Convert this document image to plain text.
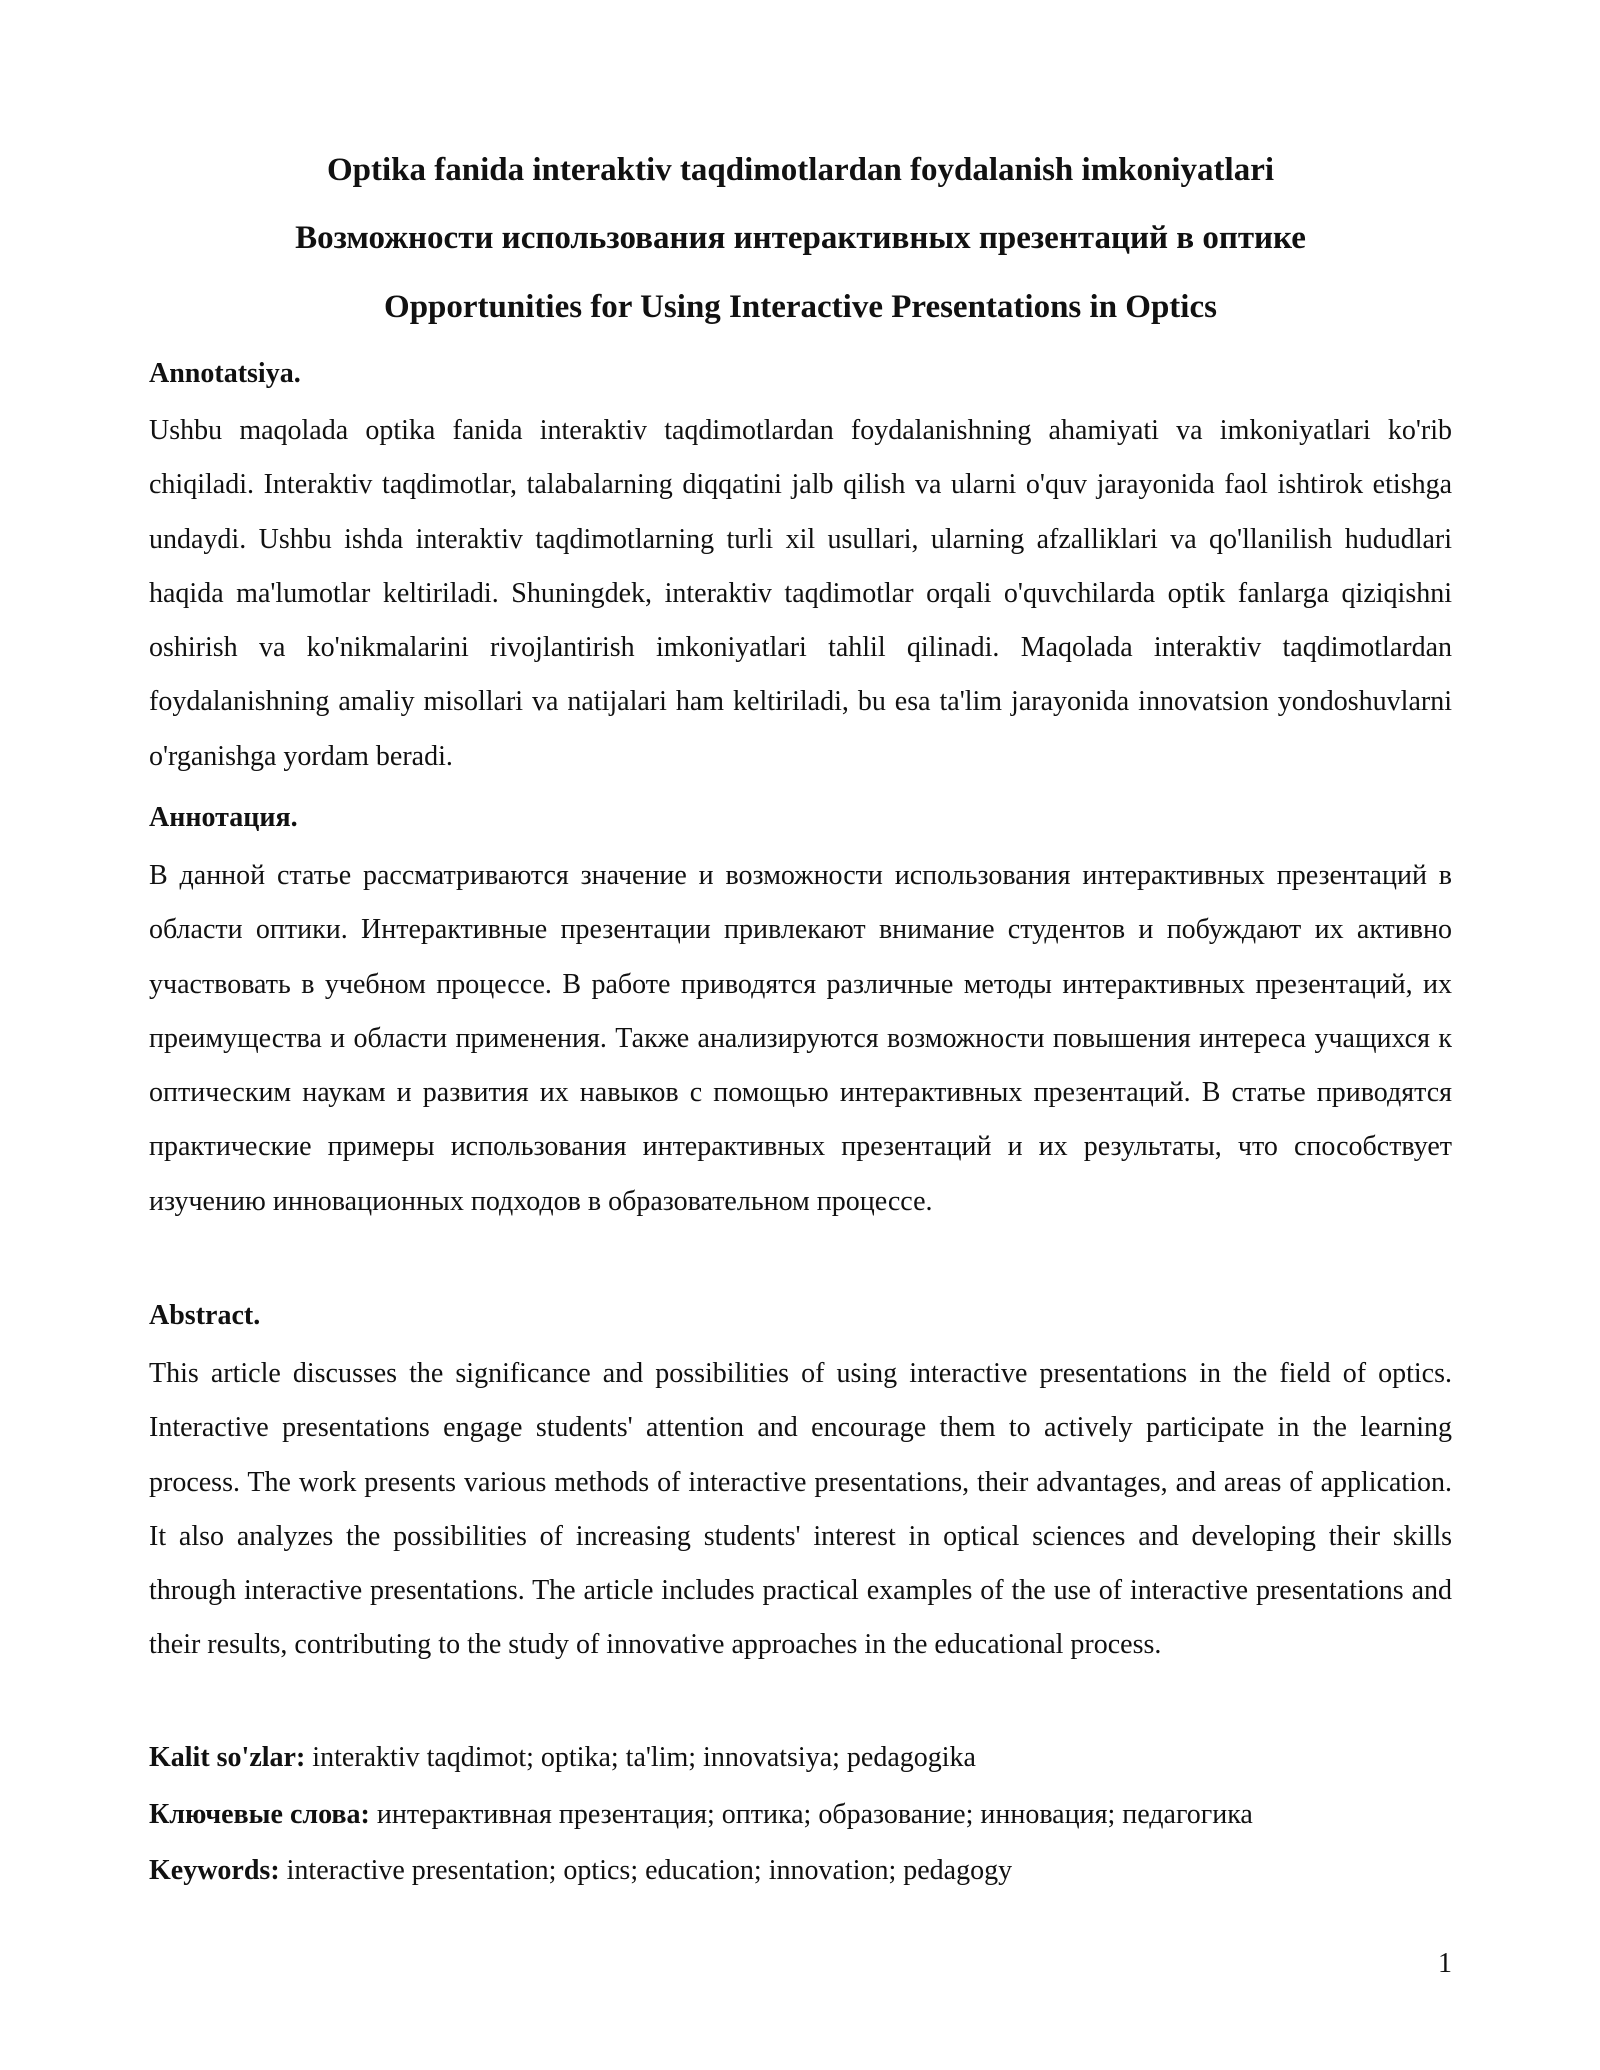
Optika fanida interaktiv taqdimotlardan foydalanish imkoniyatlari
Возможности использования интерактивных презентаций в оптике
Opportunities for Using Interactive Presentations in Optics
Annotatsiya.
Ushbu maqolada optika fanida interaktiv taqdimotlardan foydalanishning ahamiyati va imkoniyatlari ko'rib chiqiladi. Interaktiv taqdimotlar, talabalarning diqqatini jalb qilish va ularni o'quv jarayonida faol ishtirok etishga undaydi. Ushbu ishda interaktiv taqdimotlarning turli xil usullari, ularning afzalliklari va qo'llanilish hududlari haqida ma'lumotlar keltiriladi. Shuningdek, interaktiv taqdimotlar orqali o'quvchilarda optik fanlarga qiziqishni oshirish va ko'nikmalarini rivojlantirish imkoniyatlari tahlil qilinadi. Maqolada interaktiv taqdimotlardan foydalanishning amaliy misollari va natijalari ham keltiriladi, bu esa ta'lim jarayonida innovatsion yondoshuvlarni o'rganishga yordam beradi.
Аннотация.
В данной статье рассматриваются значение и возможности использования интерактивных презентаций в области оптики. Интерактивные презентации привлекают внимание студентов и побуждают их активно участвовать в учебном процессе. В работе приводятся различные методы интерактивных презентаций, их преимущества и области применения. Также анализируются возможности повышения интереса учащихся к оптическим наукам и развития их навыков с помощью интерактивных презентаций. В статье приводятся практические примеры использования интерактивных презентаций и их результаты, что способствует изучению инновационных подходов в образовательном процессе.
Abstract.
This article discusses the significance and possibilities of using interactive presentations in the field of optics. Interactive presentations engage students' attention and encourage them to actively participate in the learning process. The work presents various methods of interactive presentations, their advantages, and areas of application. It also analyzes the possibilities of increasing students' interest in optical sciences and developing their skills through interactive presentations. The article includes practical examples of the use of interactive presentations and their results, contributing to the study of innovative approaches in the educational process.
Kalit so'zlar: interaktiv taqdimot; optika; ta'lim; innovatsiya; pedagogika
Ключевые слова: интерактивная презентация; оптика; образование; инновация; педагогика
Keywords: interactive presentation; optics; education; innovation; pedagogy
1
